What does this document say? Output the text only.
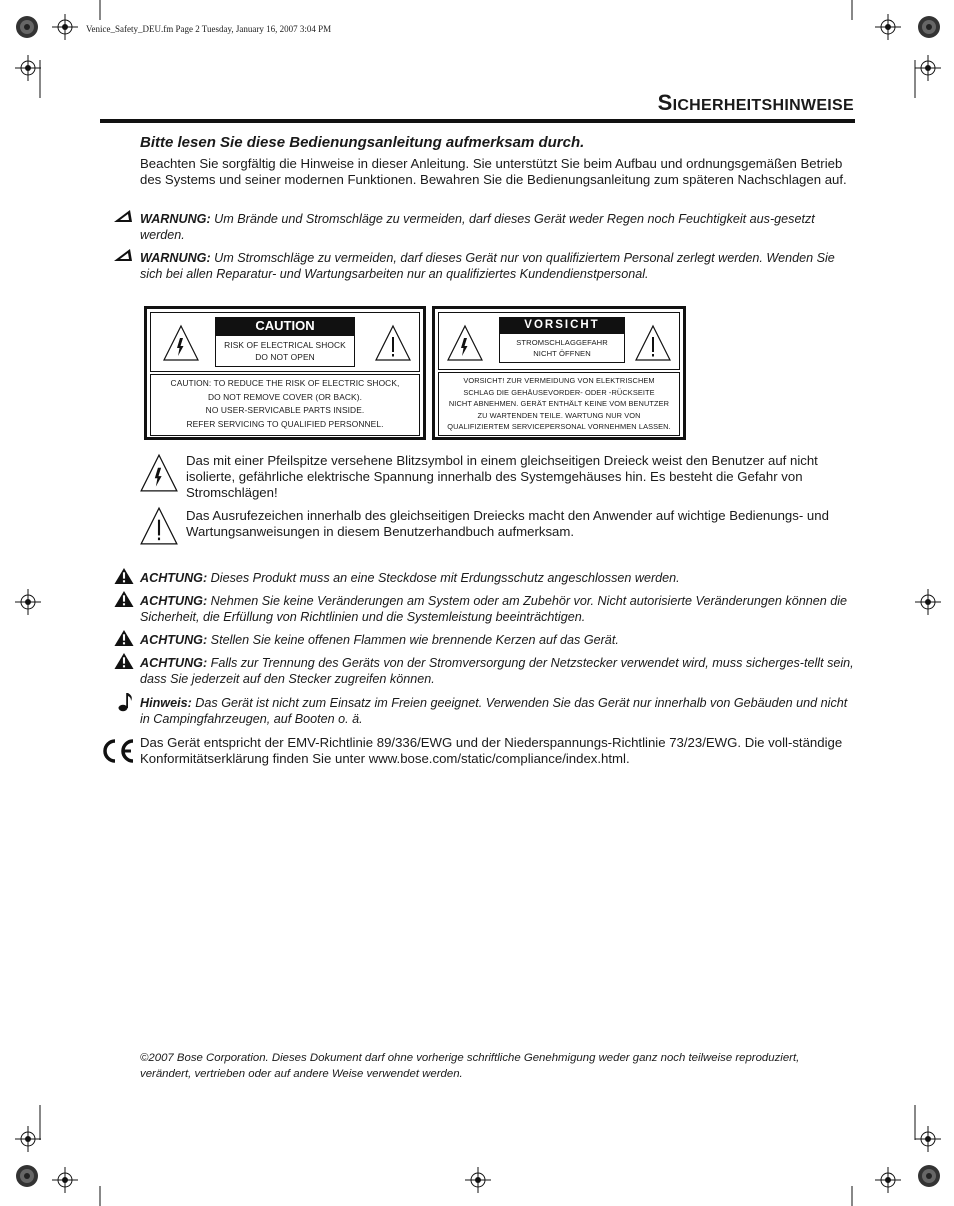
Venice_Safety_DEU.fm Page 2 Tuesday, January 16, 2007 3:04 PM
SICHERHEITSHINWEISE
Bitte lesen Sie diese Bedienungsanleitung aufmerksam durch.
Beachten Sie sorgfältig die Hinweise in dieser Anleitung. Sie unterstützt Sie beim Aufbau und ordnungsgemäßen Betrieb des Systems und seiner modernen Funktionen. Bewahren Sie die Bedienungsanleitung zum späteren Nachschlagen auf.
WARNUNG: Um Brände und Stromschläge zu vermeiden, darf dieses Gerät weder Regen noch Feuchtigkeit aus-gesetzt werden.
WARNUNG: Um Stromschläge zu vermeiden, darf dieses Gerät nur von qualifiziertem Personal zerlegt werden. Wenden Sie sich bei allen Reparatur- und Wartungsarbeiten nur an qualifiziertes Kundendienstpersonal.
CAUTION
RISK OF ELECTRICAL SHOCK
DO NOT OPEN
CAUTION: TO REDUCE THE RISK OF ELECTRIC SHOCK,
DO NOT REMOVE COVER (OR BACK).
NO USER-SERVICABLE PARTS INSIDE.
REFER SERVICING TO QUALIFIED PERSONNEL.
VORSICHT
STROMSCHLAGGEFAHR
NICHT ÖFFNEN
VORSICHT! ZUR VERMEIDUNG VON ELEKTRISCHEM
SCHLAG DIE GEHÄUSEVORDER- ODER -RÜCKSEITE
NICHT ABNEHMEN. GERÄT ENTHÄLT KEINE VOM BENUTZER
ZU WARTENDEN TEILE. WARTUNG NUR VON
QUALIFIZIERTEM SERVICEPERSONAL VORNEHMEN LASSEN.
Das mit einer Pfeilspitze versehene Blitzsymbol in einem gleichseitigen Dreieck weist den Benutzer auf nicht isolierte, gefährliche elektrische Spannung innerhalb des Systemgehäuses hin. Es besteht die Gefahr von Stromschlägen!
Das Ausrufezeichen innerhalb des gleichseitigen Dreiecks macht den Anwender auf wichtige Bedienungs- und Wartungsanweisungen in diesem Benutzerhandbuch aufmerksam.
ACHTUNG: Dieses Produkt muss an eine Steckdose mit Erdungsschutz angeschlossen werden.
ACHTUNG: Nehmen Sie keine Veränderungen am System oder am Zubehör vor. Nicht autorisierte Veränderungen können die Sicherheit, die Erfüllung von Richtlinien und die Systemleistung beeinträchtigen.
ACHTUNG: Stellen Sie keine offenen Flammen wie brennende Kerzen auf das Gerät.
ACHTUNG: Falls zur Trennung des Geräts von der Stromversorgung der Netzstecker verwendet wird, muss sicherges-tellt sein, dass Sie jederzeit auf den Stecker zugreifen können.
Hinweis: Das Gerät ist nicht zum Einsatz im Freien geeignet. Verwenden Sie das Gerät nur innerhalb von Gebäuden und nicht in Campingfahrzeugen, auf Booten o. ä.
Das Gerät entspricht der EMV-Richtlinie 89/336/EWG und der Niederspannungs-Richtlinie 73/23/EWG. Die voll-ständige Konformitätserklärung finden Sie unter www.bose.com/static/compliance/index.html.
©2007 Bose Corporation. Dieses Dokument darf ohne vorherige schriftliche Genehmigung weder ganz noch teilweise reproduziert, verändert, vertrieben oder auf andere Weise verwendet werden.
